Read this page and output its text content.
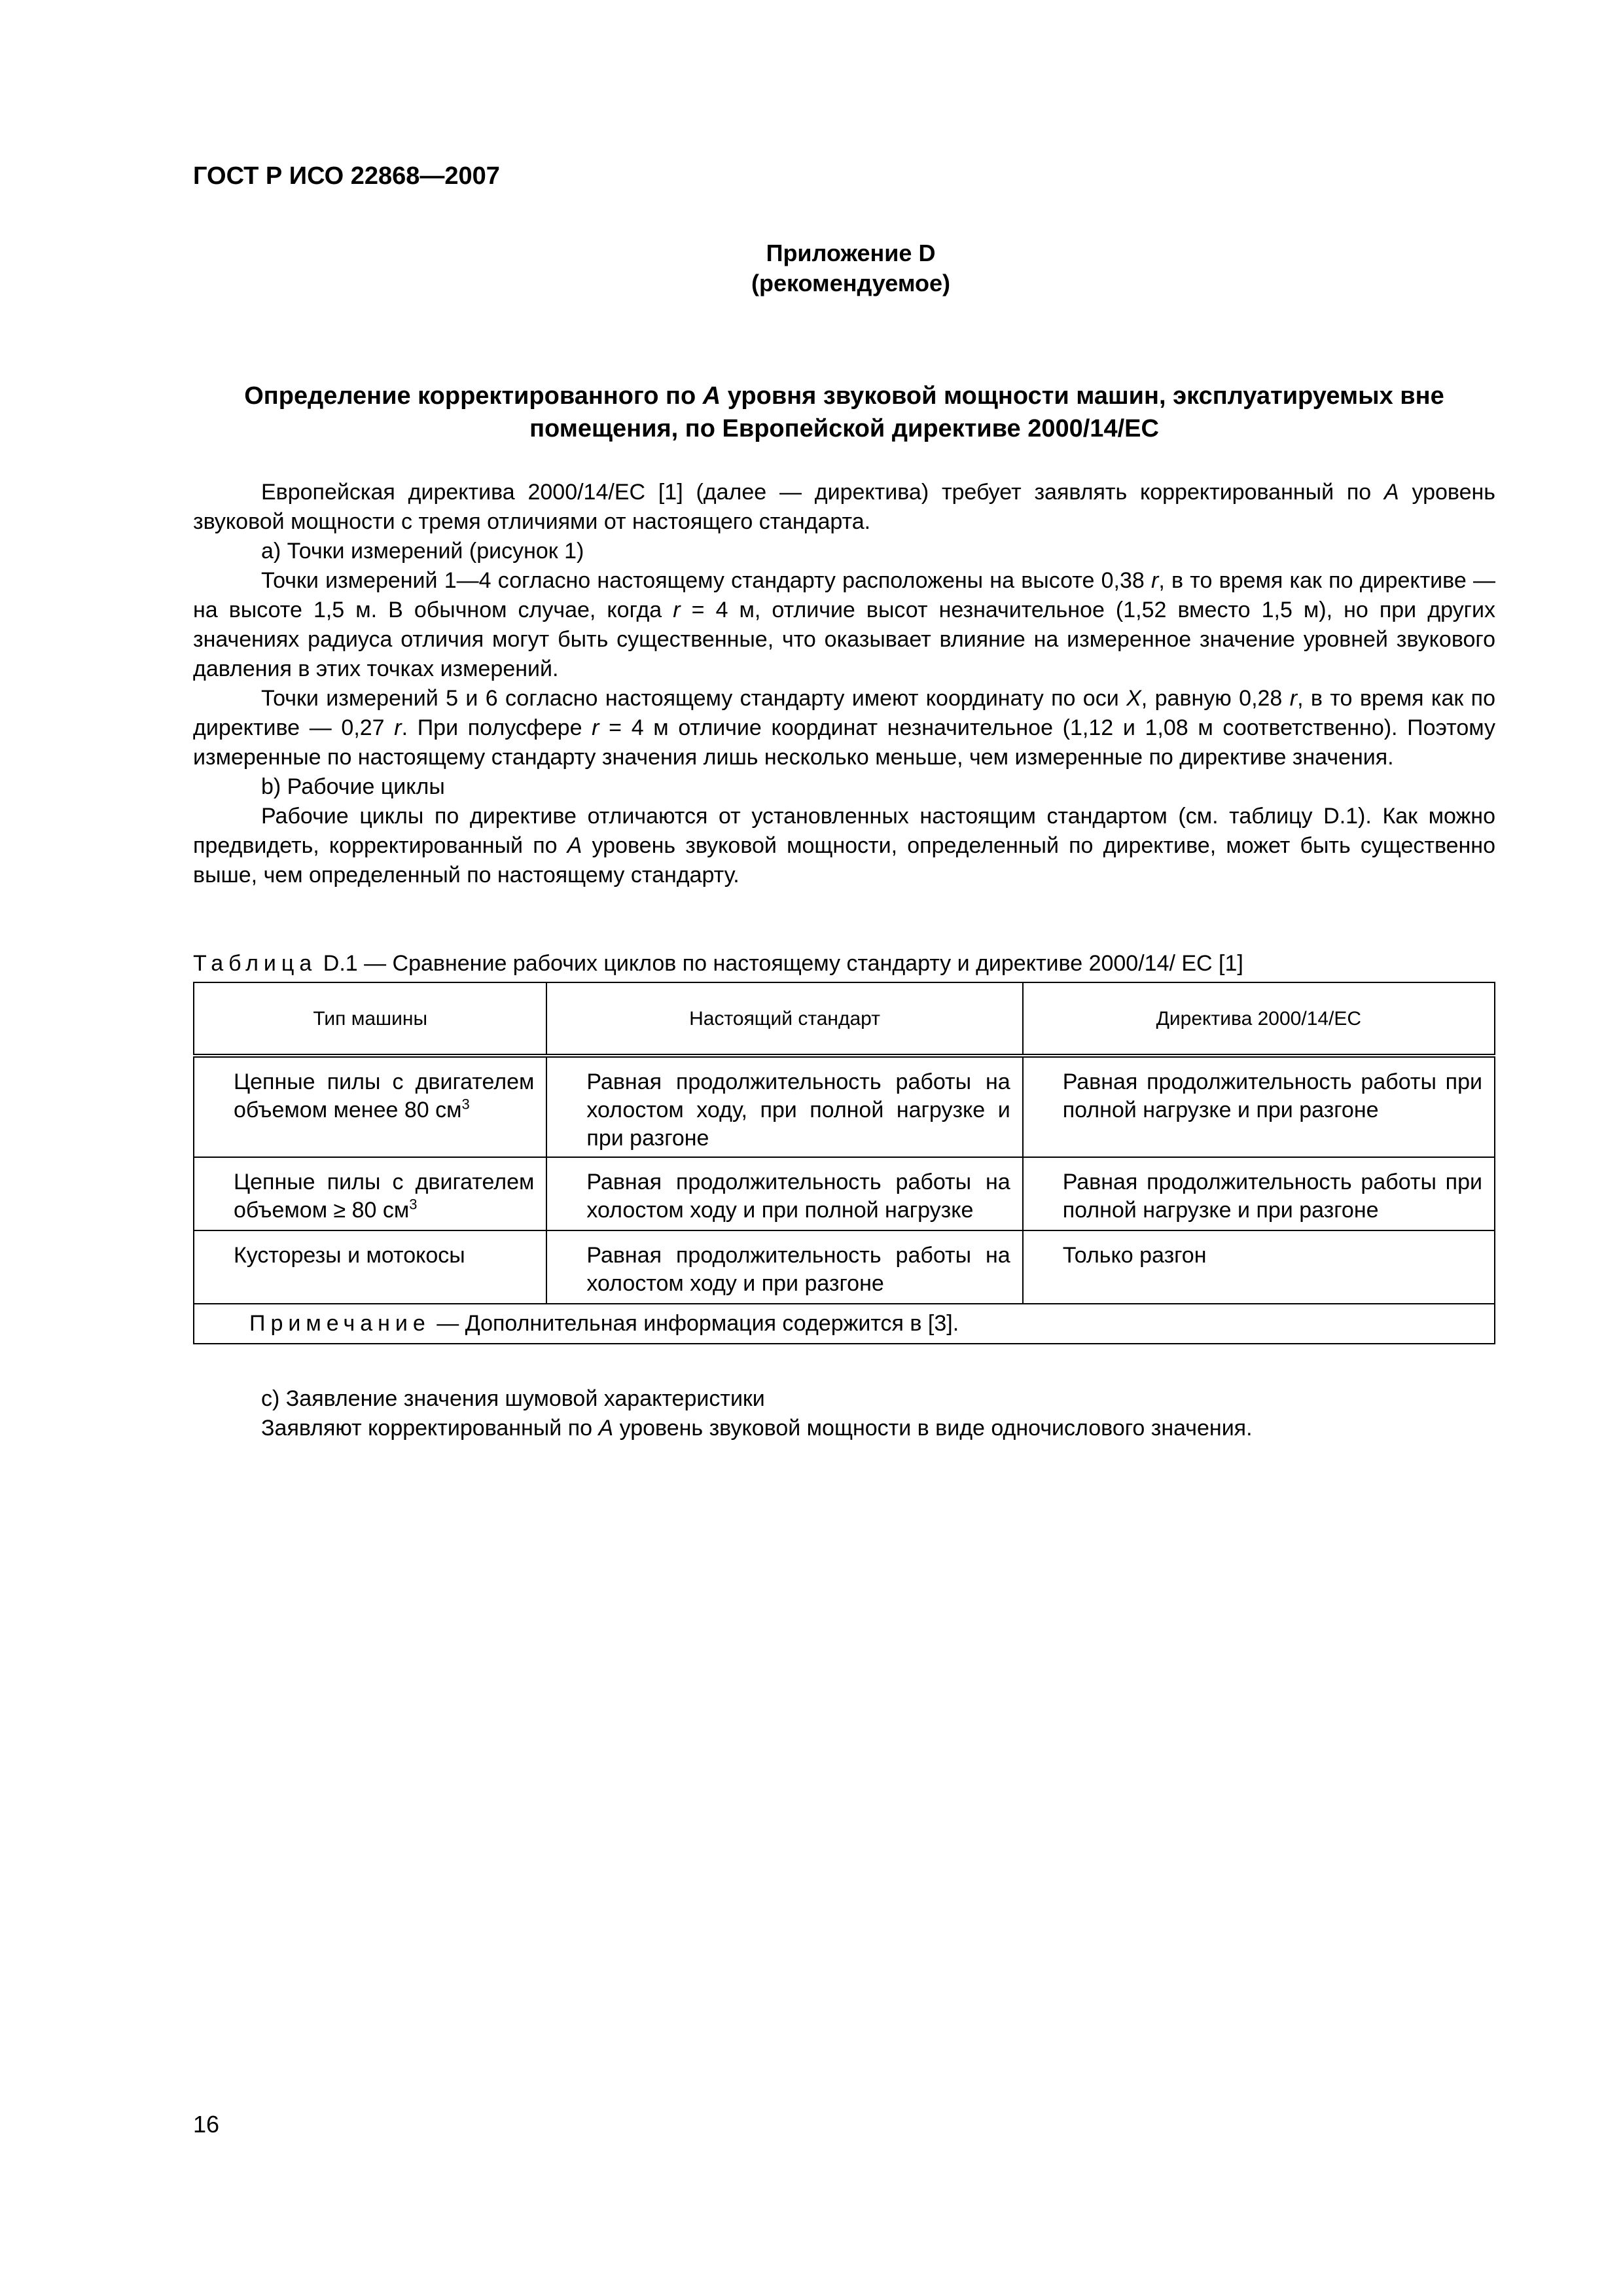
ГОСТ Р ИСО 22868—2007
Приложение D
(рекомендуемое)
Определение корректированного по A уровня звуковой мощности машин, эксплуатируемых вне помещения, по Европейской директиве 2000/14/ЕС

Европейская директива 2000/14/ЕС [1] (далее — директива) требует заявлять корректированный по A уровень звуковой мощности с тремя отличиями от настоящего стандарта.

a) Точки измерений (рисунок 1)

Точки измерений 1—4 согласно настоящему стандарту расположены на высоте 0,38 r, в то время как по директиве — на высоте 1,5 м. В обычном случае, когда r = 4 м, отличие высот незначительное (1,52 вместо 1,5 м), но при других значениях радиуса отличия могут быть существенные, что оказывает влияние на измеренное значение уровней звукового давления в этих точках измерений.

Точки измерений 5 и 6 согласно настоящему стандарту имеют координату по оси X, равную 0,28 r, в то время как по директиве — 0,27 r. При полусфере r = 4 м отличие координат незначительное (1,12 и 1,08 м соответственно). Поэтому измеренные по настоящему стандарту значения лишь несколько меньше, чем измеренные по директиве значения.

b) Рабочие циклы

Рабочие циклы по директиве отличаются от установленных настоящим стандартом (см. таблицу D.1). Как можно предвидеть, корректированный по A уровень звуковой мощности, определенный по директиве, может быть существенно выше, чем определенный по настоящему стандарту.

Таблица D.1 — Сравнение рабочих циклов по настоящему стандарту и директиве 2000/14/ ЕС [1]
Тип машины	Настоящий стандарт	Директива 2000/14/ЕС
Цепные пилы с двигателем объемом менее 80 $см^3$	Равная продолжительность работы на холостом ходу, при полной нагрузке и при разгоне	Равная продолжительность работы при полной нагрузке и при разгоне
Цепные пилы с двигателем объемом ≥ 80 $см^3$	Равная продолжительность работы на холостом ходу и при полной нагрузке	Равная продолжительность работы при полной нагрузке и при разгоне
Кусторезы и мотокосы	Равная продолжительность работы на холостом ходу и при разгоне	Только разгон
Примечание — Дополнительная информация содержится в [3].		

c) Заявление значения шумовой характеристики

Заявляют корректированный по A уровень звуковой мощности в виде одночислового значения.

16
